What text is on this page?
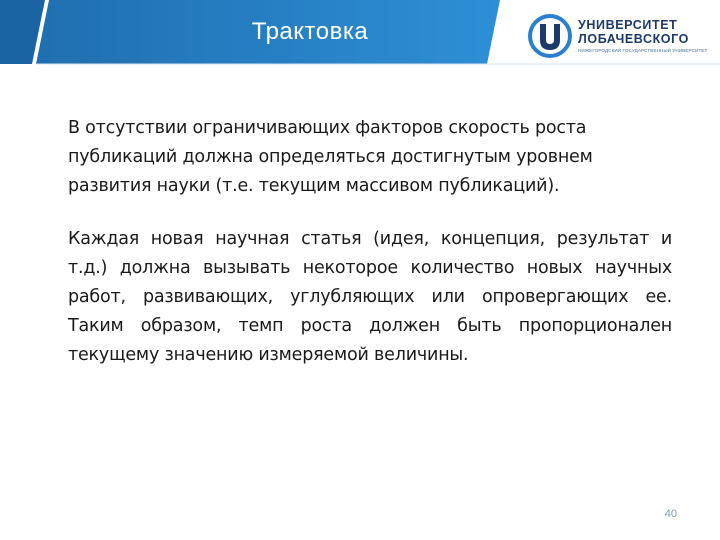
Трактовка	УНИВЕРСИТЕТ
ЛОБАЧЕВСКОГО
НИЖЕГОРОДСКИЙ ГОСУДАРСТВЕННЫЙ УНИВЕРСИТЕТ

В отсутствии ограничивающих факторов скорость роста публикаций должна определяться достигнутым уровнем развития науки (т.е. текущим массивом публикаций).

Каждая новая научная статья (идея, концепция, результат и т.д.) должна вызывать некоторое количество новых научных работ, развивающих, углубляющих или опровергающих ее. Таким образом, темп роста должен быть пропорционален текущему значению измеряемой величины.

40
